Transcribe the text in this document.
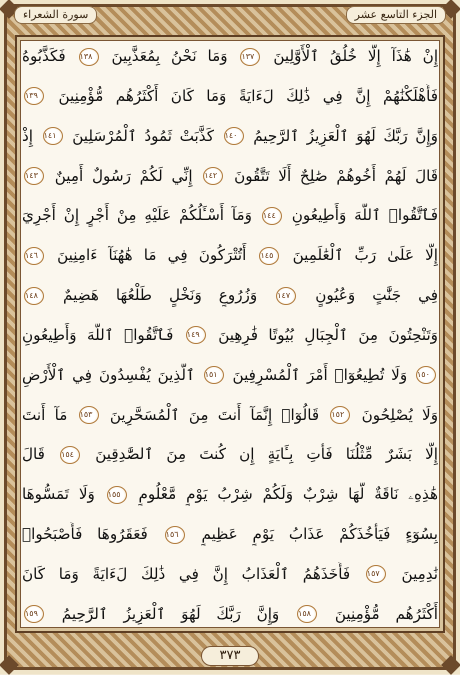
سورة الشعراء	الجزء التاسع عشر
إِنْ هَٰذَآ إِلَّا خُلُقُ ٱلْأَوَّلِينَ ١٣٧ وَمَا نَحْنُ بِمُعَذَّبِينَ ١٣٨ فَكَذَّبُوهُ
فَأَهْلَكْنَٰهُمْ إِنَّ فِي ذَٰلِكَ لَءَايَةً وَمَا كَانَ أَكْثَرُهُم مُّؤْمِنِينَ ١٣٩
وَإِنَّ رَبَّكَ لَهُوَ ٱلْعَزِيزُ ٱلرَّحِيمُ ١٤٠ كَذَّبَتْ ثَمُودُ ٱلْمُرْسَلِينَ ١٤١ إِذْ
قَالَ لَهُمْ أَخُوهُمْ صَٰلِحٌ أَلَا تَتَّقُونَ ١٤٢ إِنِّي لَكُمْ رَسُولٌ أَمِينٌ ١٤٣
فَٱتَّقُوا۟ ٱللَّهَ وَأَطِيعُونِ ١٤٤ وَمَآ أَسْـَٔلُكُمْ عَلَيْهِ مِنْ أَجْرٍ إِنْ أَجْرِيَ
إِلَّا عَلَىٰ رَبِّ ٱلْعَٰلَمِينَ ١٤٥ أَتُتْرَكُونَ فِي مَا هَٰهُنَآ ءَامِنِينَ ١٤٦
فِي جَنَّٰتٍ وَعُيُونٍ ١٤٧ وَزُرُوعٍ وَنَخْلٍ طَلْعُهَا هَضِيمٌ ١٤٨
وَتَنْحِتُونَ مِنَ ٱلْجِبَالِ بُيُوتًا فَٰرِهِينَ ١٤٩ فَٱتَّقُوا۟ ٱللَّهَ وَأَطِيعُونِ
١٥٠ وَلَا تُطِيعُوٓا۟ أَمْرَ ٱلْمُسْرِفِينَ ١٥١ ٱلَّذِينَ يُفْسِدُونَ فِي ٱلْأَرْضِ
وَلَا يُصْلِحُونَ ١٥٢ قَالُوٓا۟ إِنَّمَآ أَنتَ مِنَ ٱلْمُسَحَّرِينَ ١٥٣ مَآ أَنتَ
إِلَّا بَشَرٌ مِّثْلُنَا فَأْتِ بِـَٔايَةٍ إِن كُنتَ مِنَ ٱلصَّٰدِقِينَ ١٥٤ قَالَ
هَٰذِهِۦ نَاقَةٌ لَّهَا شِرْبٌ وَلَكُمْ شِرْبُ يَوْمٍ مَّعْلُومٍ ١٥٥ وَلَا تَمَسُّوهَا
بِسُوٓءٍ فَيَأْخُذَكُمْ عَذَابُ يَوْمٍ عَظِيمٍ ١٥٦ فَعَقَرُوهَا فَأَصْبَحُوا۟
نَٰدِمِينَ ١٥٧ فَأَخَذَهُمُ ٱلْعَذَابُ إِنَّ فِي ذَٰلِكَ لَءَايَةً وَمَا كَانَ
أَكْثَرُهُم مُّؤْمِنِينَ ١٥٨ وَإِنَّ رَبَّكَ لَهُوَ ٱلْعَزِيزُ ٱلرَّحِيمُ ١٥٩
٣٧٣
